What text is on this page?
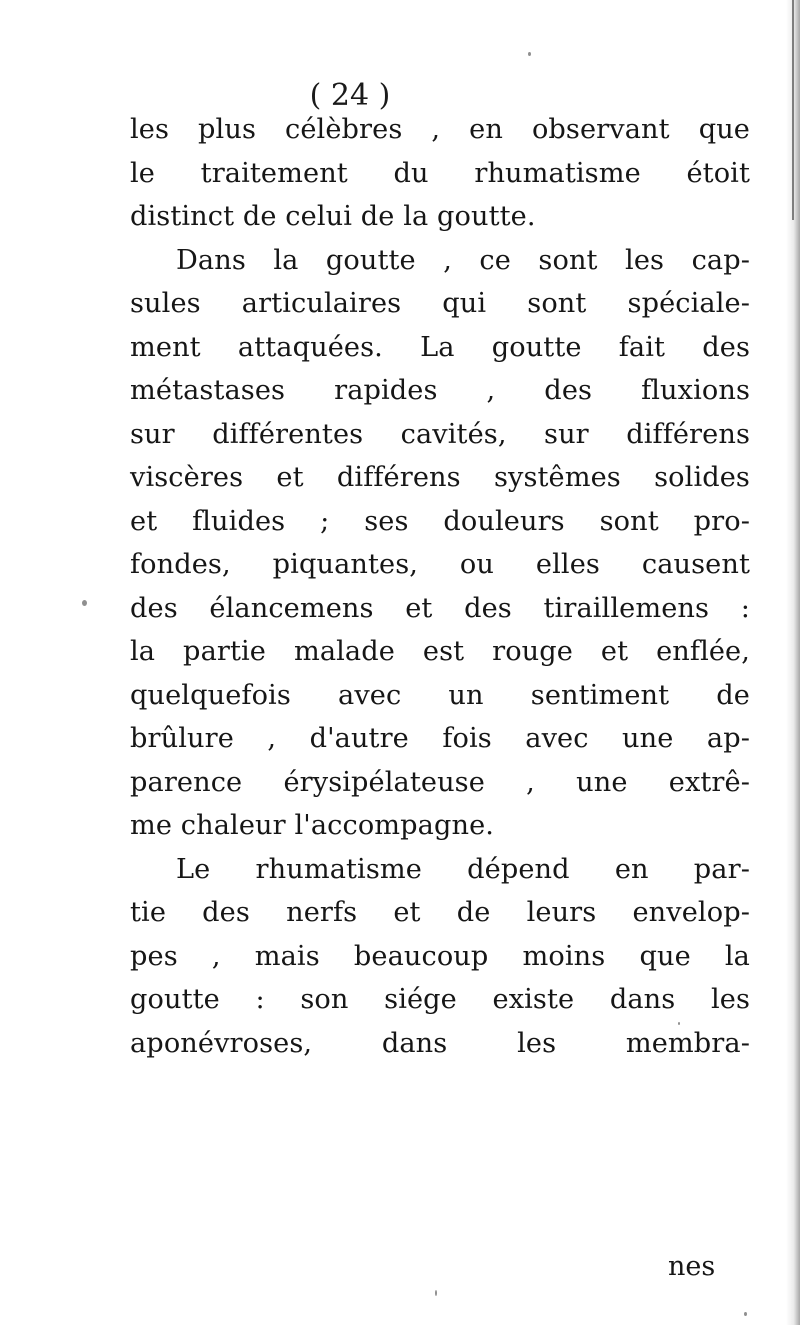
( 24 )
les plus célèbres , en observant que
le traitement du rhumatisme étoit
distinct de celui de la goutte.
Dans la goutte , ce sont les cap-
sules articulaires qui sont spéciale-
ment attaquées. La goutte fait des
métastases rapides , des fluxions
sur différentes cavités, sur différens
viscères et différens systêmes solides
et fluides ; ses douleurs sont pro-
fondes, piquantes, ou elles causent
des élancemens et des tiraillemens :
la partie malade est rouge et enflée,
quelquefois avec un sentiment de
brûlure , d'autre fois avec une ap-
parence érysipélateuse , une extrê-
me chaleur l'accompagne.
Le rhumatisme dépend en par-
tie des nerfs et de leurs envelop-
pes , mais beaucoup moins que la
goutte : son siége existe dans les
aponévroses, dans les membra-
nes
